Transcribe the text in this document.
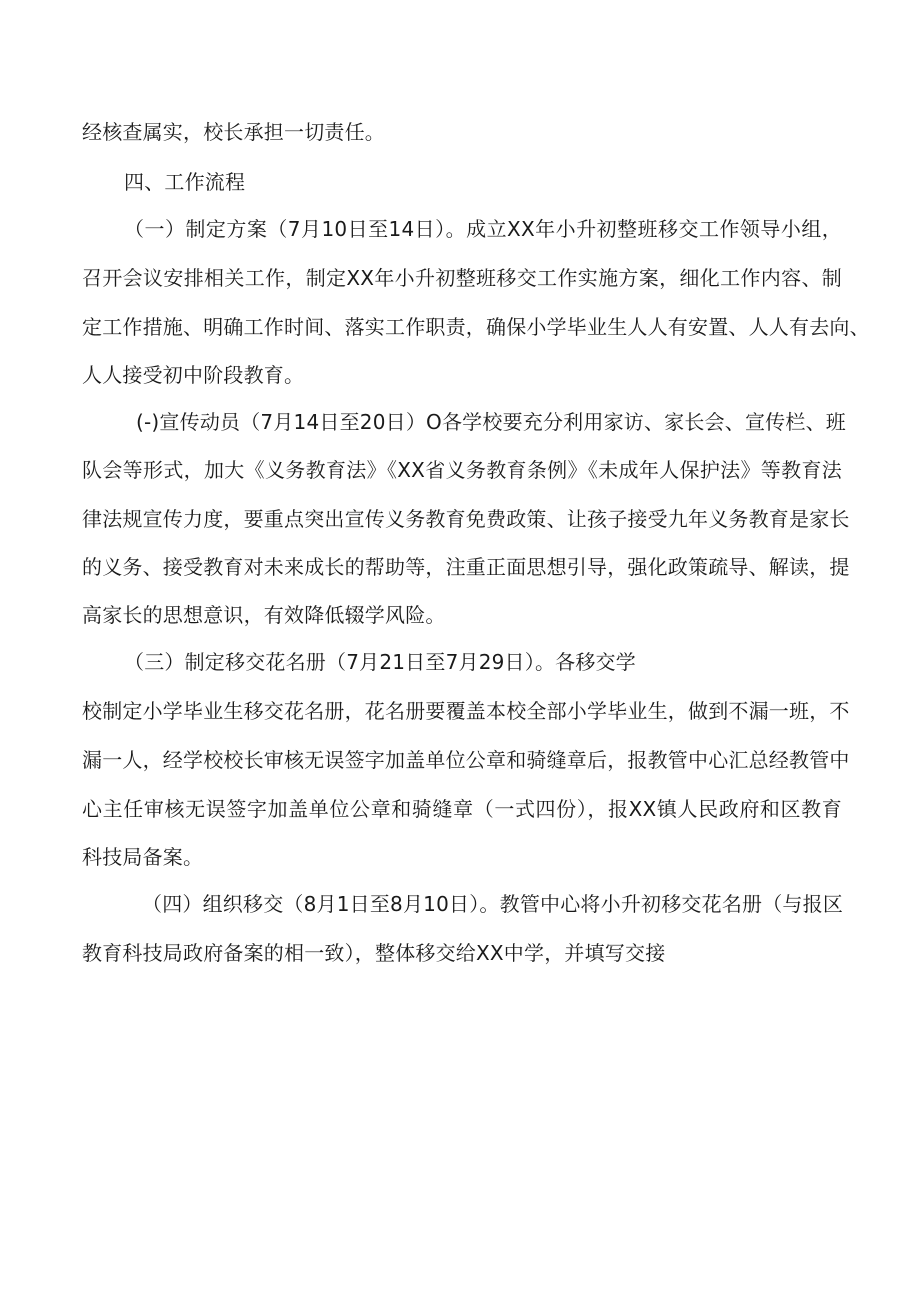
经核查属实，校长承担一切责任。
四、工作流程
（一）制定方案（7月10日至14日）。成立XX年小升初整班移交工作领导小组，
召开会议安排相关工作，制定XX年小升初整班移交工作实施方案，细化工作内容、制
定工作措施、明确工作时间、落实工作职责，确保小学毕业生人人有安置、人人有去向、
人人接受初中阶段教育。
(-)宣传动员（7月14日至20日）O各学校要充分利用家访、家长会、宣传栏、班
队会等形式，加大《义务教育法》《XX省义务教育条例》《未成年人保护法》等教育法
律法规宣传力度，要重点突出宣传义务教育免费政策、让孩子接受九年义务教育是家长
的义务、接受教育对未来成长的帮助等，注重正面思想引导，强化政策疏导、解读，提
高家长的思想意识，有效降低辍学风险。
（三）制定移交花名册（7月21日至7月29日）。各移交学
校制定小学毕业生移交花名册，花名册要覆盖本校全部小学毕业生，做到不漏一班，不
漏一人，经学校校长审核无误签字加盖单位公章和骑缝章后，报教管中心汇总经教管中
心主任审核无误签字加盖单位公章和骑缝章（一式四份），报XX镇人民政府和区教育
科技局备案。
（四）组织移交（8月1日至8月10日）。教管中心将小升初移交花名册（与报区
教育科技局政府备案的相一致），整体移交给XX中学，并填写交接
